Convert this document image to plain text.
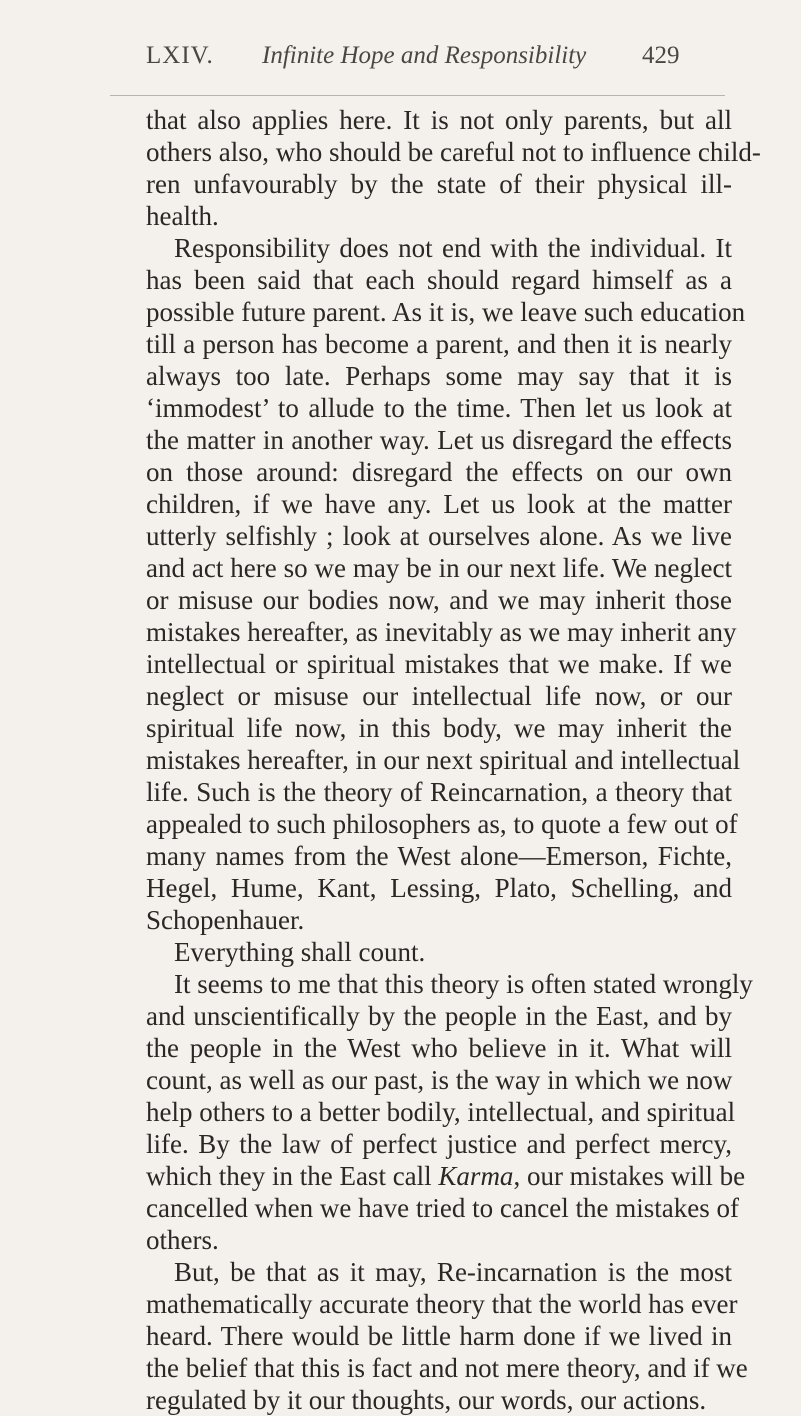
LXIV. Infinite Hope and Responsibility 429
that also applies here. It is not only parents, but all
others also, who should be careful not to influence child-
ren unfavourably by the state of their physical ill-
health.
Responsibility does not end with the individual. It
has been said that each should regard himself as a
possible future parent. As it is, we leave such education
till a person has become a parent, and then it is nearly
always too late. Perhaps some may say that it is
‘immodest’ to allude to the time. Then let us look at
the matter in another way. Let us disregard the effects
on those around: disregard the effects on our own
children, if we have any. Let us look at the matter
utterly selfishly ; look at ourselves alone. As we live
and act here so we may be in our next life. We neglect
or misuse our bodies now, and we may inherit those
mistakes hereafter, as inevitably as we may inherit any
intellectual or spiritual mistakes that we make. If we
neglect or misuse our intellectual life now, or our
spiritual life now, in this body, we may inherit the
mistakes hereafter, in our next spiritual and intellectual
life. Such is the theory of Reincarnation, a theory that
appealed to such philosophers as, to quote a few out of
many names from the West alone—Emerson, Fichte,
Hegel, Hume, Kant, Lessing, Plato, Schelling, and
Schopenhauer.
Everything shall count.
It seems to me that this theory is often stated wrongly
and unscientifically by the people in the East, and by
the people in the West who believe in it. What will
count, as well as our past, is the way in which we now
help others to a better bodily, intellectual, and spiritual
life. By the law of perfect justice and perfect mercy,
which they in the East call Karma, our mistakes will be
cancelled when we have tried to cancel the mistakes of
others.
But, be that as it may, Re-incarnation is the most
mathematically accurate theory that the world has ever
heard. There would be little harm done if we lived in
the belief that this is fact and not mere theory, and if we
regulated by it our thoughts, our words, our actions.
